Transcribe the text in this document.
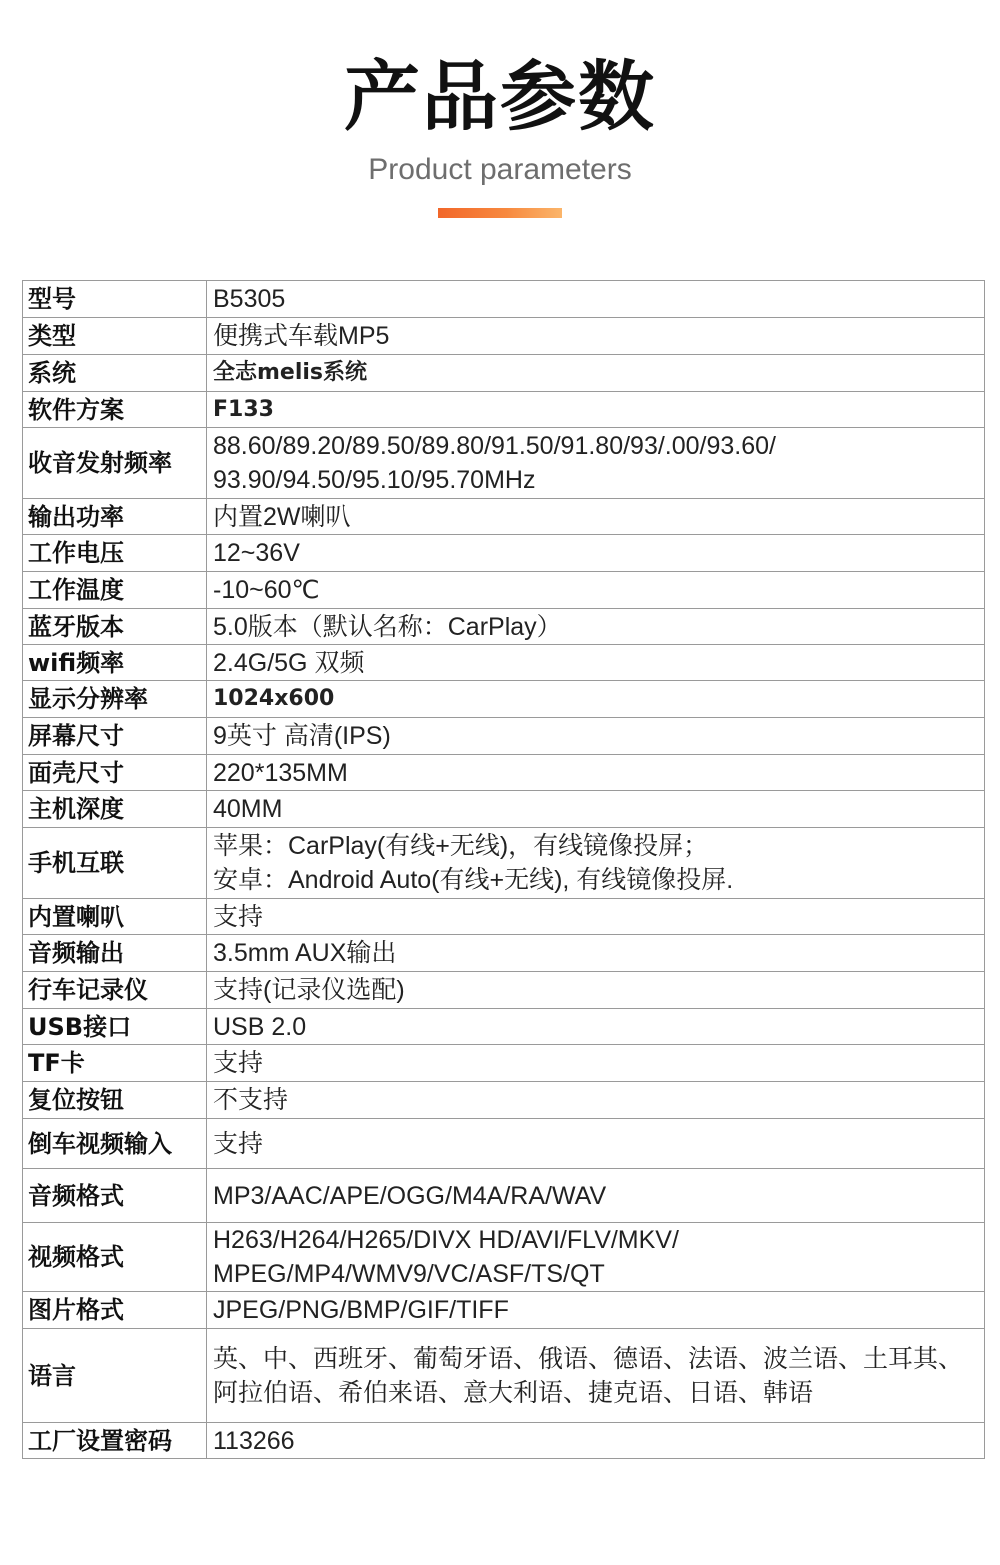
产品参数

Product parameters

型号	B5305

类型	便携式车载MP5

系统	全志melis系统

软件方案	F133

收音发射频率	88.60/89.20/89.50/89.80/91.50/91.80/93/.00/93.60/
93.90/94.50/95.10/95.70MHz

输出功率	内置2W喇叭

工作电压	12~36V

工作温度	-10~60℃

蓝牙版本	5.0版本（默认名称：CarPlay）

wifi频率	2.4G/5G 双频

显示分辨率	1024x600

屏幕尺寸	9英寸 高清(IPS)

面壳尺寸	220*135MM

主机深度	40MM

手机互联	苹果：CarPlay(有线+无线)，有线镜像投屏；
安卓：Android Auto(有线+无线), 有线镜像投屏.

内置喇叭	支持

音频输出	3.5mm AUX输出

行车记录仪	支持(记录仪选配)

USB接口	USB 2.0

TF卡	支持

复位按钮	不支持

倒车视频输入	支持

音频格式	MP3/AAC/APE/OGG/M4A/RA/WAV

视频格式	H263/H264/H265/DIVX HD/AVI/FLV/MKV/
MPEG/MP4/WMV9/VC/ASF/TS/QT

图片格式	JPEG/PNG/BMP/GIF/TIFF

语言	英、中、西班牙、葡萄牙语、俄语、德语、法语、波兰语、土耳其、
阿拉伯语、希伯来语、意大利语、捷克语、日语、韩语

工厂设置密码	113266
